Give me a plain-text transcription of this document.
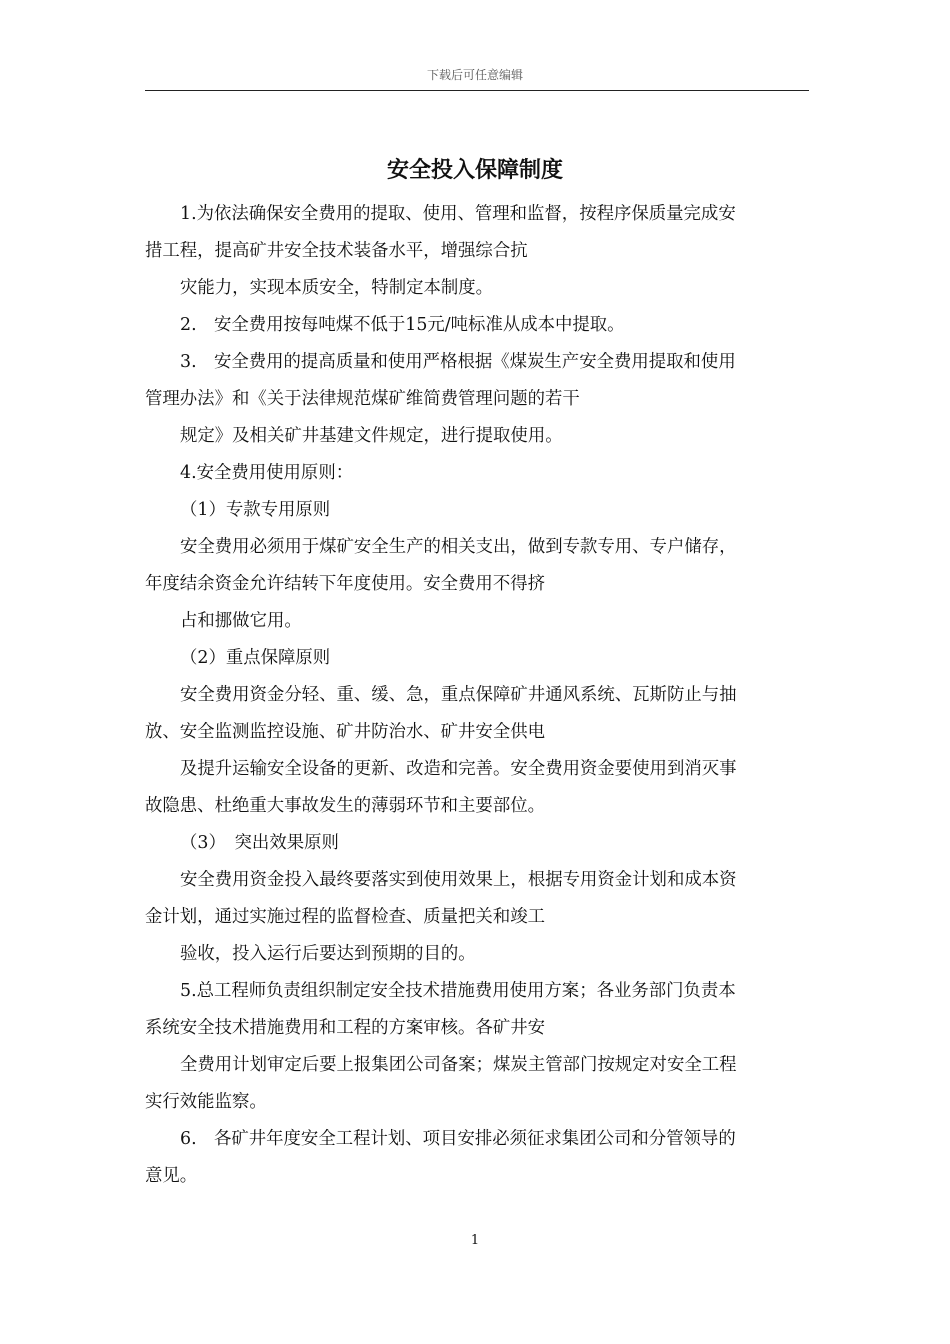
下载后可任意编辑
安全投入保障制度

1.为依法确保安全费用的提取、使用、管理和监督，按程序保质量完成安

措工程，提高矿井安全技术装备水平，增强综合抗

灾能力，实现本质安全，特制定本制度。

2.　安全费用按每吨煤不低于15元/吨标准从成本中提取。

3.　安全费用的提高质量和使用严格根据《煤炭生产安全费用提取和使用

管理办法》和《关于法律规范煤矿维简费管理问题的若干

规定》及相关矿井基建文件规定，进行提取使用。

4.安全费用使用原则：

（1）专款专用原则

安全费用必须用于煤矿安全生产的相关支出，做到专款专用、专户储存，

年度结余资金允许结转下年度使用。安全费用不得挤

占和挪做它用。

（2）重点保障原则

安全费用资金分轻、重、缓、急，重点保障矿井通风系统、瓦斯防止与抽

放、安全监测监控设施、矿井防治水、矿井安全供电

及提升运输安全设备的更新、改造和完善。安全费用资金要使用到消灭事

故隐患、杜绝重大事故发生的薄弱环节和主要部位。

（3）　突出效果原则

安全费用资金投入最终要落实到使用效果上，根据专用资金计划和成本资

金计划，通过实施过程的监督检查、质量把关和竣工

验收，投入运行后要达到预期的目的。

5.总工程师负责组织制定安全技术措施费用使用方案；各业务部门负责本

系统安全技术措施费用和工程的方案审核。各矿井安

全费用计划审定后要上报集团公司备案；煤炭主管部门按规定对安全工程

实行效能监察。

6.　各矿井年度安全工程计划、项目安排必须征求集团公司和分管领导的

意见。

1
